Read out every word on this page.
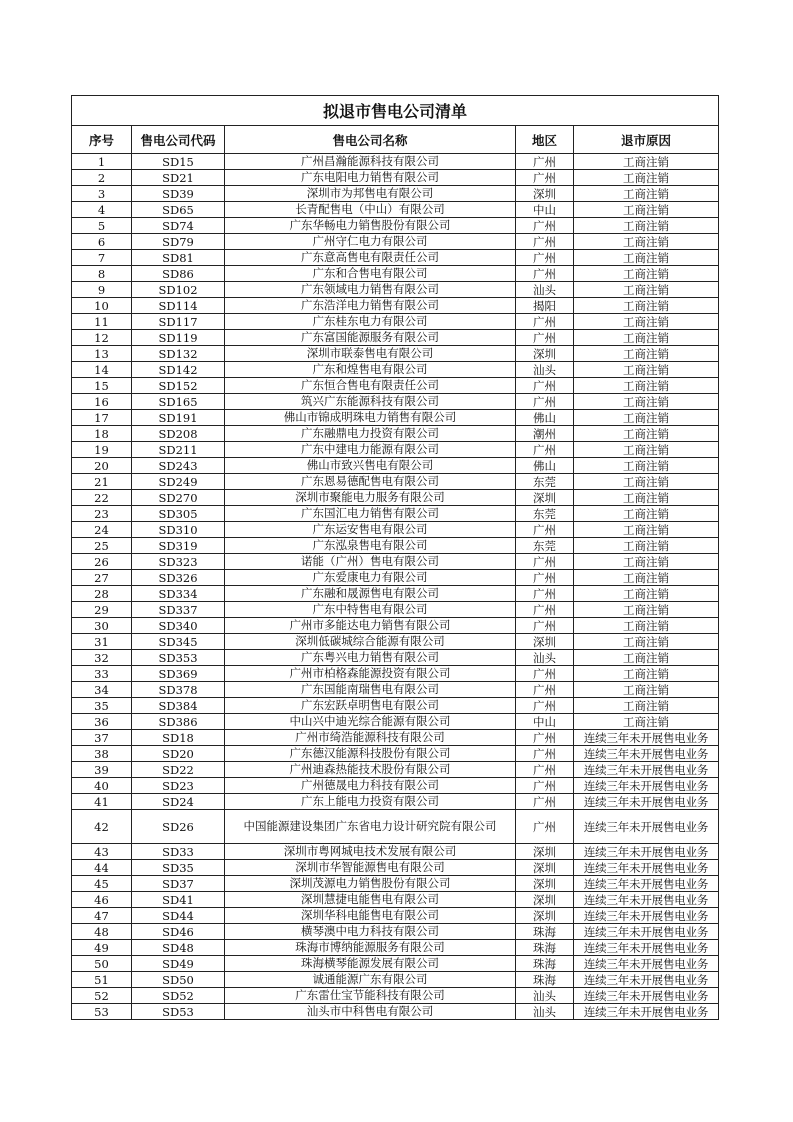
拟退市售电公司清单				
序号	售电公司代码	售电公司名称	地区	退市原因
1	SD15	广州昌瀚能源科技有限公司	广州	工商注销
2	SD21	广东电阳电力销售有限公司	广州	工商注销
3	SD39	深圳市为邦售电有限公司	深圳	工商注销
4	SD65	长青配售电（中山）有限公司	中山	工商注销
5	SD74	广东华畅电力销售股份有限公司	广州	工商注销
6	SD79	广州守仁电力有限公司	广州	工商注销
7	SD81	广东意高售电有限责任公司	广州	工商注销
8	SD86	广东和合售电有限公司	广州	工商注销
9	SD102	广东领域电力销售有限公司	汕头	工商注销
10	SD114	广东浩洋电力销售有限公司	揭阳	工商注销
11	SD117	广东桂东电力有限公司	广州	工商注销
12	SD119	广东富国能源服务有限公司	广州	工商注销
13	SD132	深圳市联泰售电有限公司	深圳	工商注销
14	SD142	广东和煌售电有限公司	汕头	工商注销
15	SD152	广东恒合售电有限责任公司	广州	工商注销
16	SD165	筑兴广东能源科技有限公司	广州	工商注销
17	SD191	佛山市锦成明珠电力销售有限公司	佛山	工商注销
18	SD208	广东融鼎电力投资有限公司	潮州	工商注销
19	SD211	广东中建电力能源有限公司	广州	工商注销
20	SD243	佛山市致兴售电有限公司	佛山	工商注销
21	SD249	广东恩易德配售电有限公司	东莞	工商注销
22	SD270	深圳市聚能电力服务有限公司	深圳	工商注销
23	SD305	广东国汇电力销售有限公司	东莞	工商注销
24	SD310	广东运安售电有限公司	广州	工商注销
25	SD319	广东泓泉售电有限公司	东莞	工商注销
26	SD323	诺能（广州）售电有限公司	广州	工商注销
27	SD326	广东爱康电力有限公司	广州	工商注销
28	SD334	广东融和晟源售电有限公司	广州	工商注销
29	SD337	广东中特售电有限公司	广州	工商注销
30	SD340	广州市多能达电力销售有限公司	广州	工商注销
31	SD345	深圳低碳城综合能源有限公司	深圳	工商注销
32	SD353	广东粤兴电力销售有限公司	汕头	工商注销
33	SD369	广州市柏格森能源投资有限公司	广州	工商注销
34	SD378	广东国能南瑞售电有限公司	广州	工商注销
35	SD384	广东宏跃卓明售电有限公司	广州	工商注销
36	SD386	中山兴中迪光综合能源有限公司	中山	工商注销
37	SD18	广州市绮浩能源科技有限公司	广州	连续三年未开展售电业务
38	SD20	广东德汉能源科技股份有限公司	广州	连续三年未开展售电业务
39	SD22	广州迪森热能技术股份有限公司	广州	连续三年未开展售电业务
40	SD23	广州德晟电力科技有限公司	广州	连续三年未开展售电业务
41	SD24	广东上能电力投资有限公司	广州	连续三年未开展售电业务
42	SD26	中国能源建设集团广东省电力设计研究院有限公司	广州	连续三年未开展售电业务
43	SD33	深圳市粤网城电技术发展有限公司	深圳	连续三年未开展售电业务
44	SD35	深圳市华智能源售电有限公司	深圳	连续三年未开展售电业务
45	SD37	深圳茂源电力销售股份有限公司	深圳	连续三年未开展售电业务
46	SD41	深圳慧捷电能售电有限公司	深圳	连续三年未开展售电业务
47	SD44	深圳华科电能售电有限公司	深圳	连续三年未开展售电业务
48	SD46	横琴澳中电力科技有限公司	珠海	连续三年未开展售电业务
49	SD48	珠海市博纳能源服务有限公司	珠海	连续三年未开展售电业务
50	SD49	珠海横琴能源发展有限公司	珠海	连续三年未开展售电业务
51	SD50	诚通能源广东有限公司	珠海	连续三年未开展售电业务
52	SD52	广东雷仕宝节能科技有限公司	汕头	连续三年未开展售电业务
53	SD53	汕头市中科售电有限公司	汕头	连续三年未开展售电业务
